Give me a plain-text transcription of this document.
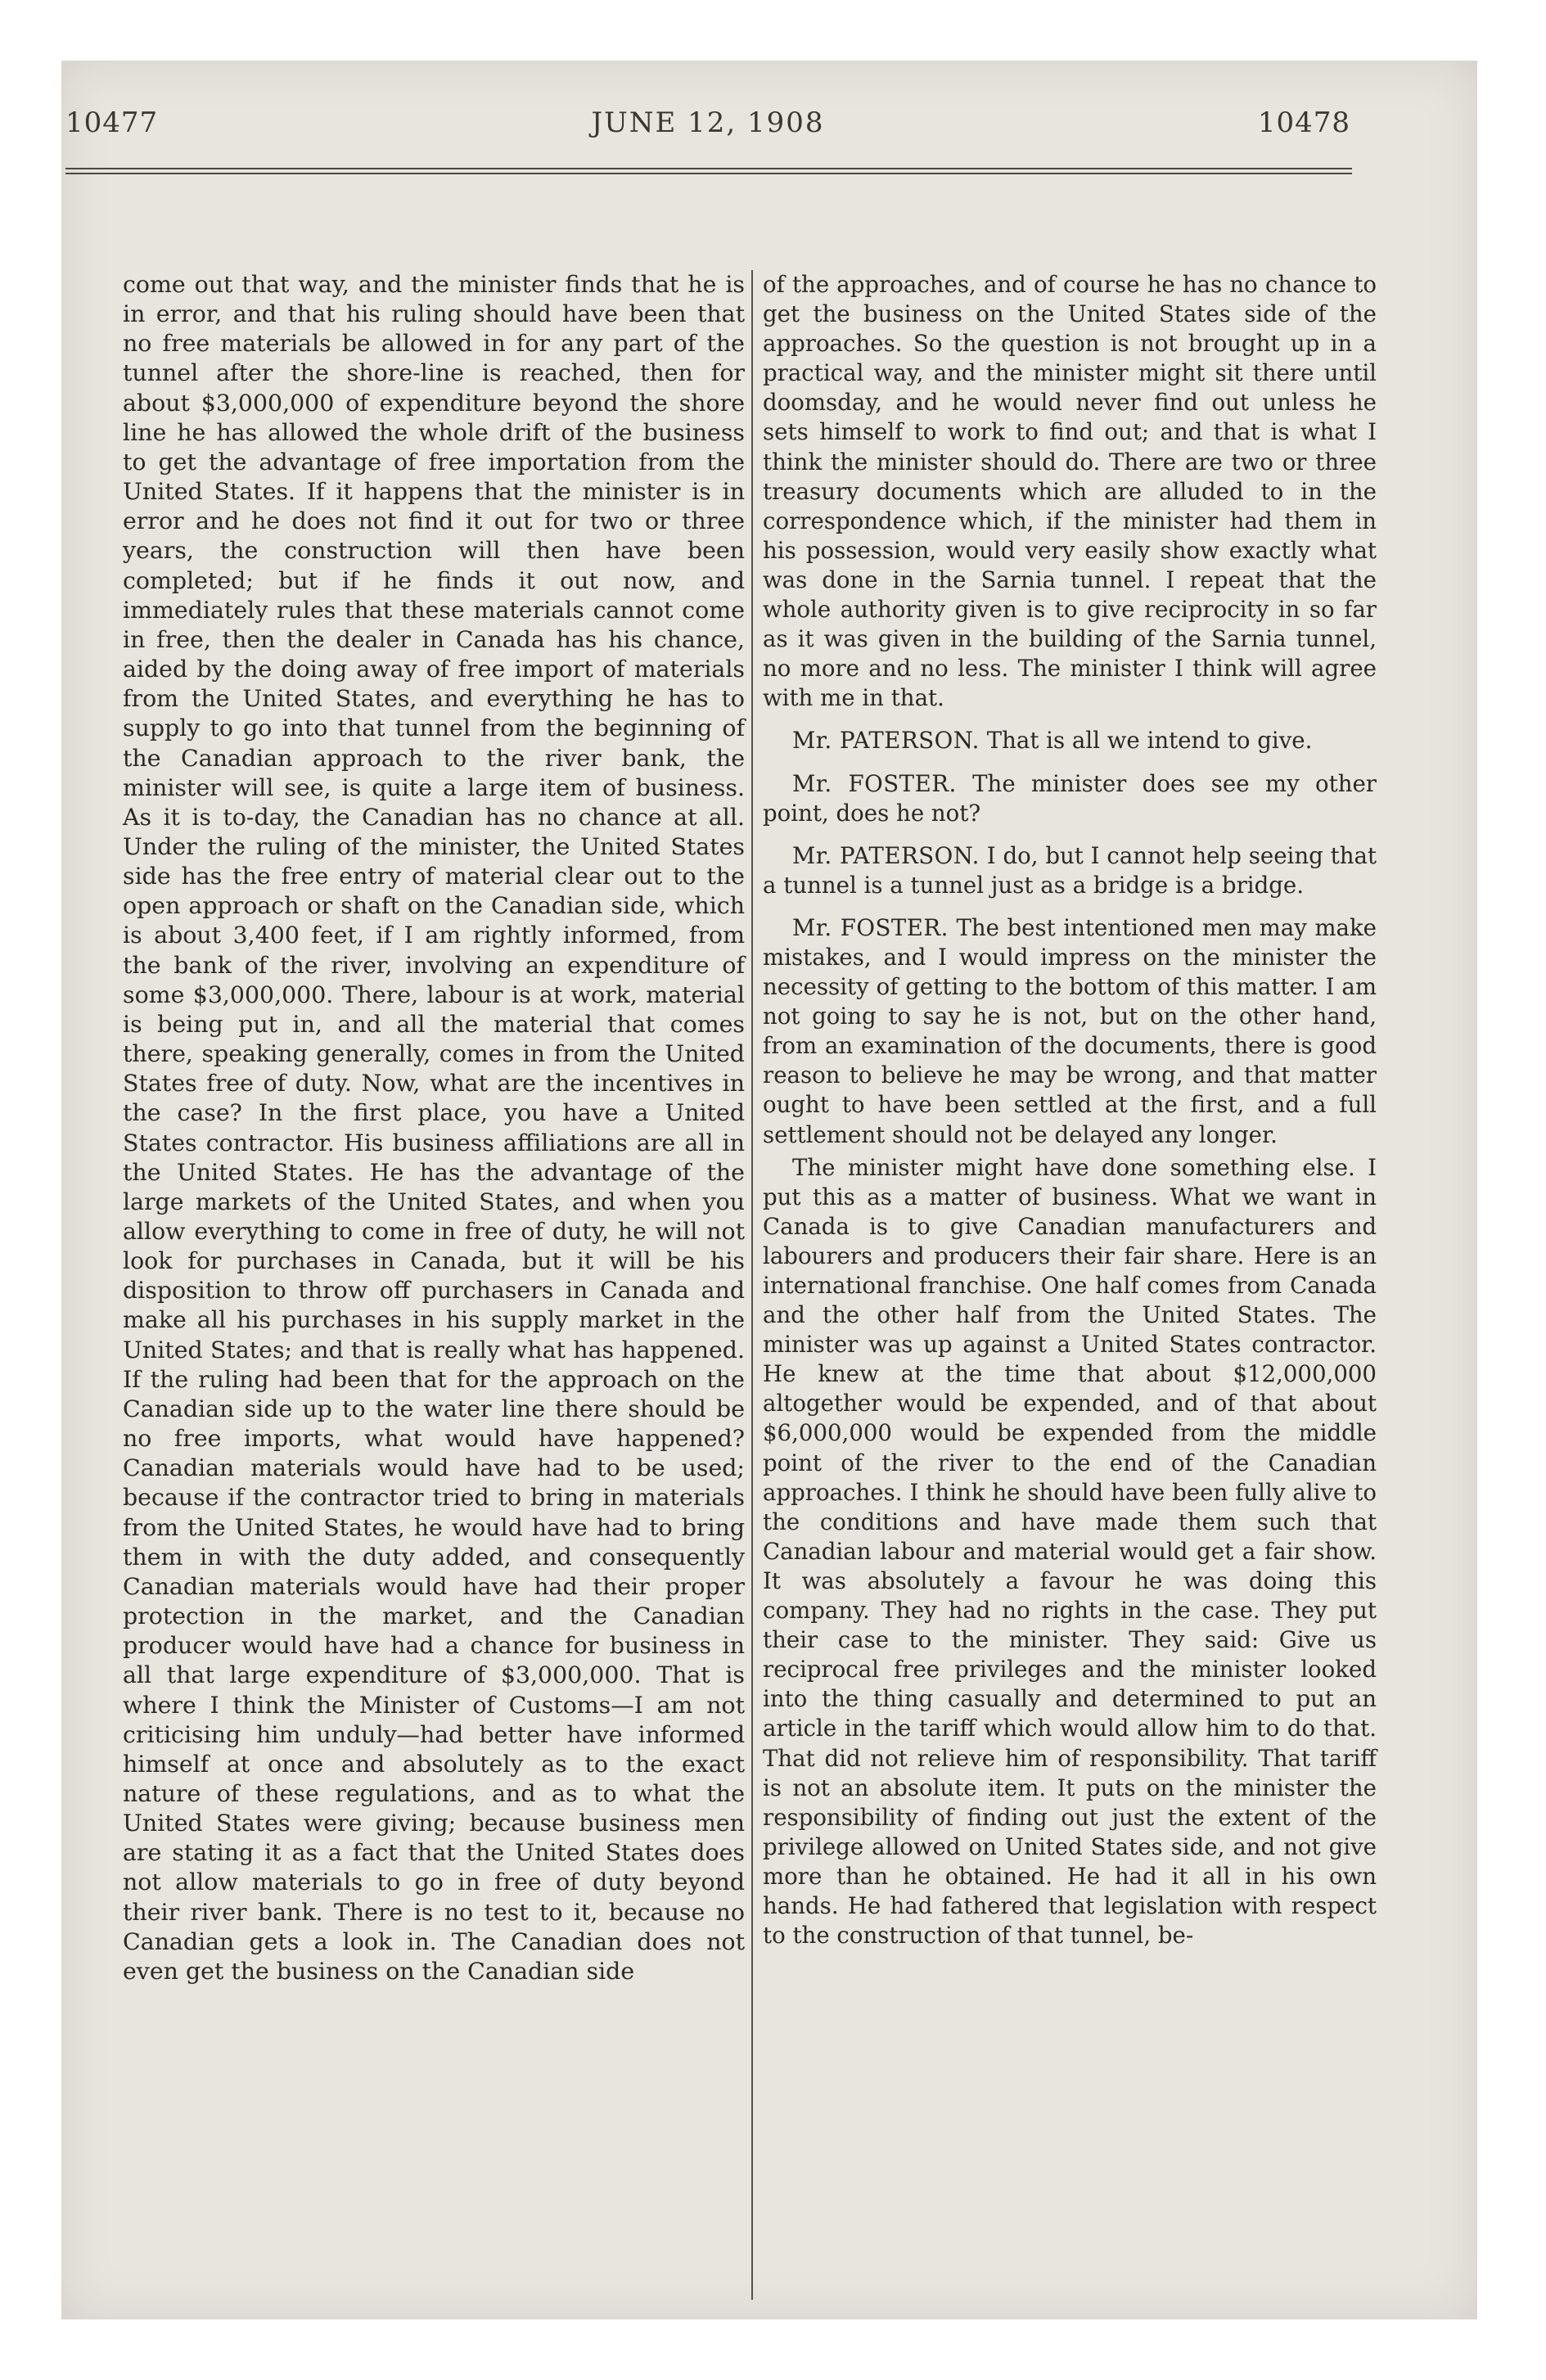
10477	JUNE 12, 1908	10478

come out that way, and the minister finds that he is in error, and that his ruling should have been that no free materials be allowed in for any part of the tunnel after the shore-line is reached, then for about $3,000,000 of expenditure beyond the shore line he has allowed the whole drift of the business to get the advantage of free importation from the United States. If it happens that the minister is in error and he does not find it out for two or three years, the construction will then have been completed; but if he finds it out now, and immediately rules that these materials cannot come in free, then the dealer in Canada has his chance, aided by the doing away of free import of materials from the United States, and everything he has to supply to go into that tunnel from the beginning of the Canadian approach to the river bank, the minister will see, is quite a large item of business. As it is to-day, the Canadian has no chance at all. Under the ruling of the minister, the United States side has the free entry of material clear out to the open approach or shaft on the Canadian side, which is about 3,400 feet, if I am rightly informed, from the bank of the river, involving an expenditure of some $3,000,000. There, labour is at work, material is being put in, and all the material that comes there, speaking generally, comes in from the United States free of duty. Now, what are the incentives in the case? In the first place, you have a United States contractor. His business affiliations are all in the United States. He has the advantage of the large markets of the United States, and when you allow everything to come in free of duty, he will not look for purchases in Canada, but it will be his disposition to throw off purchasers in Canada and make all his purchases in his supply market in the United States; and that is really what has happened. If the ruling had been that for the approach on the Canadian side up to the water line there should be no free imports, what would have happened? Canadian materials would have had to be used; because if the contractor tried to bring in materials from the United States, he would have had to bring them in with the duty added, and consequently Canadian materials would have had their proper protection in the market, and the Canadian producer would have had a chance for business in all that large expenditure of $3,000,000. That is where I think the Minister of Customs—I am not criticising him unduly—had better have informed himself at once and absolutely as to the exact nature of these regulations, and as to what the United States were giving; because business men are stating it as a fact that the United States does not allow materials to go in free of duty beyond their river bank. There is no test to it, because no Canadian gets a look in. The Canadian does not even get the business on the Canadian side

of the approaches, and of course he has no chance to get the business on the United States side of the approaches. So the question is not brought up in a practical way, and the minister might sit there until doomsday, and he would never find out unless he sets himself to work to find out; and that is what I think the minister should do. There are two or three treasury documents which are alluded to in the correspondence which, if the minister had them in his possession, would very easily show exactly what was done in the Sarnia tunnel. I repeat that the whole authority given is to give reciprocity in so far as it was given in the building of the Sarnia tunnel, no more and no less. The minister I think will agree with me in that.

Mr. PATERSON. That is all we intend to give.

Mr. FOSTER. The minister does see my other point, does he not?

Mr. PATERSON. I do, but I cannot help seeing that a tunnel is a tunnel just as a bridge is a bridge.

Mr. FOSTER. The best intentioned men may make mistakes, and I would impress on the minister the necessity of getting to the bottom of this matter. I am not going to say he is not, but on the other hand, from an examination of the documents, there is good reason to believe he may be wrong, and that matter ought to have been settled at the first, and a full settlement should not be delayed any longer.

The minister might have done something else. I put this as a matter of business. What we want in Canada is to give Canadian manufacturers and labourers and producers their fair share. Here is an international franchise. One half comes from Canada and the other half from the United States. The minister was up against a United States contractor. He knew at the time that about $12,000,000 altogether would be expended, and of that about $6,000,000 would be expended from the middle point of the river to the end of the Canadian approaches. I think he should have been fully alive to the conditions and have made them such that Canadian labour and material would get a fair show. It was absolutely a favour he was doing this company. They had no rights in the case. They put their case to the minister. They said: Give us reciprocal free privileges and the minister looked into the thing casually and determined to put an article in the tariff which would allow him to do that. That did not relieve him of responsibility. That tariff is not an absolute item. It puts on the minister the responsibility of finding out just the extent of the privilege allowed on United States side, and not give more than he obtained. He had it all in his own hands. He had fathered that legislation with respect to the construction of that tunnel, be-
